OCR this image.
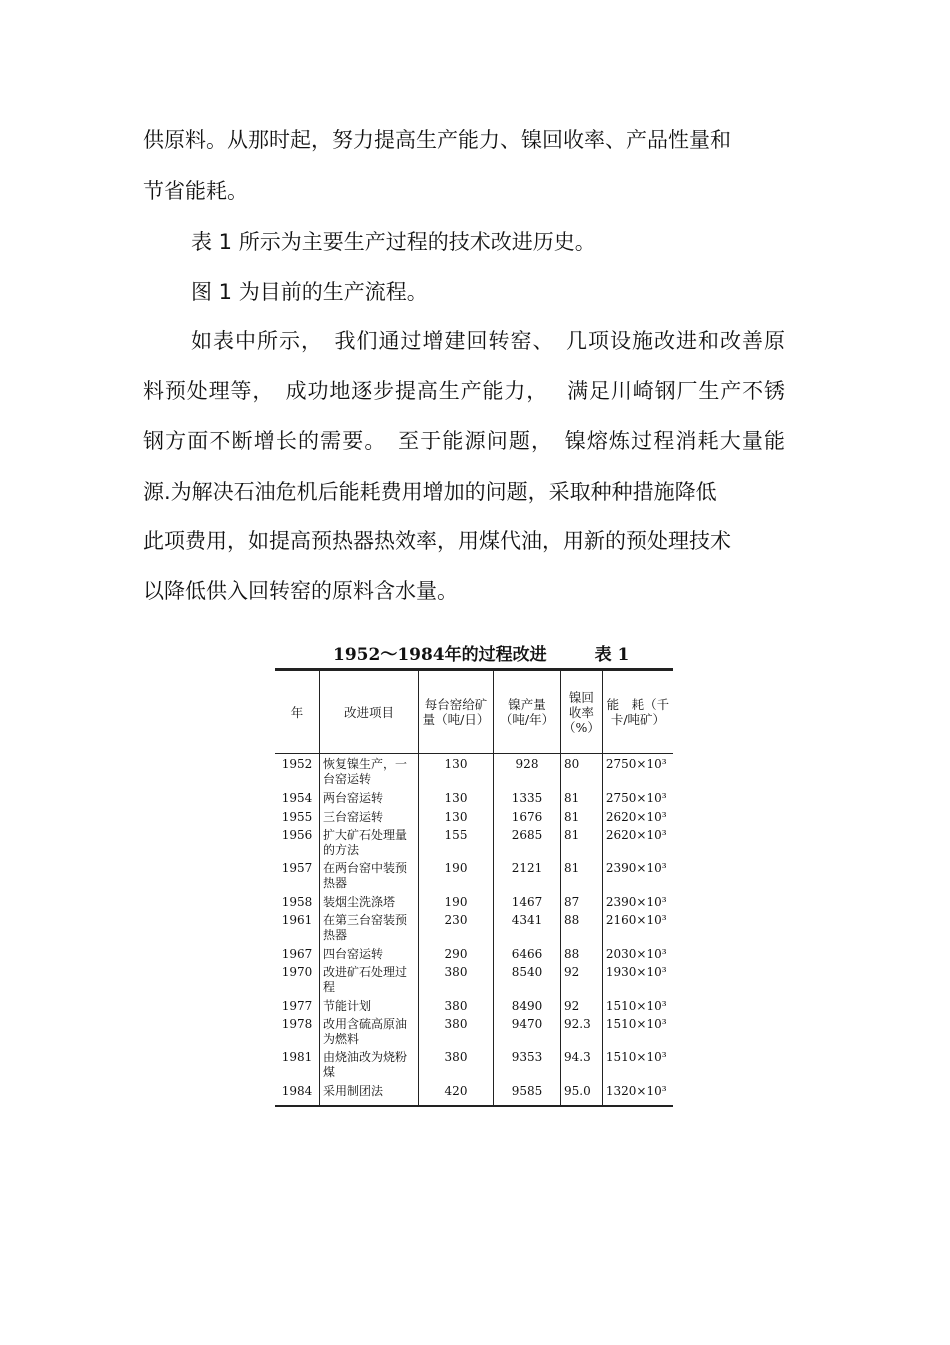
供原料。从那时起，努力提高生产能力、镍回收率、产品性量和

节省能耗。

表 1 所示为主要生产过程的技术改进历史。

图 1 为目前的生产流程。

如表中所示，　我们通过增建回转窑、　几项设施改进和改善原

料预处理等，　成功地逐步提高生产能力，　 满足川崎钢厂生产不锈

钢方面不断增长的需要。　至于能源问题，　镍熔炼过程消耗大量能

源.为解决石油危机后能耗费用增加的问题，采取种种措施降低

此项费用，如提高预热器热效率，用煤代油，用新的预处理技术

以降低供入回转窑的原料含水量。

1952～1984年的过程改进	表 1
年	改进项目	每台窑给矿　量（吨/日）	镍产量（吨/年）	镍回收率（%）	能　耗（千卡/吨矿）
1952	恢复镍生产，一台窑运转	130	928	80	2750×10³
1954	两台窑运转	130	1335	81	2750×10³
1955	三台窑运转	130	1676	81	2620×10³
1956	扩大矿石处理量的方法	155	2685	81	2620×10³
1957	在两台窑中装预热器	190	2121	81	2390×10³
1958	装烟尘洗涤塔	190	1467	87	2390×10³
1961	在第三台窑装预热器	230	4341	88	2160×10³
1967	四台窑运转	290	6466	88	2030×10³
1970	改进矿石处理过程	380	8540	92	1930×10³
1977	节能计划	380	8490	92	1510×10³
1978	改用含硫高原油为燃料	380	9470	92.3	1510×10³
1981	由烧油改为烧粉煤	380	9353	94.3	1510×10³
1984	采用制团法	420	9585	95.0	1320×10³
